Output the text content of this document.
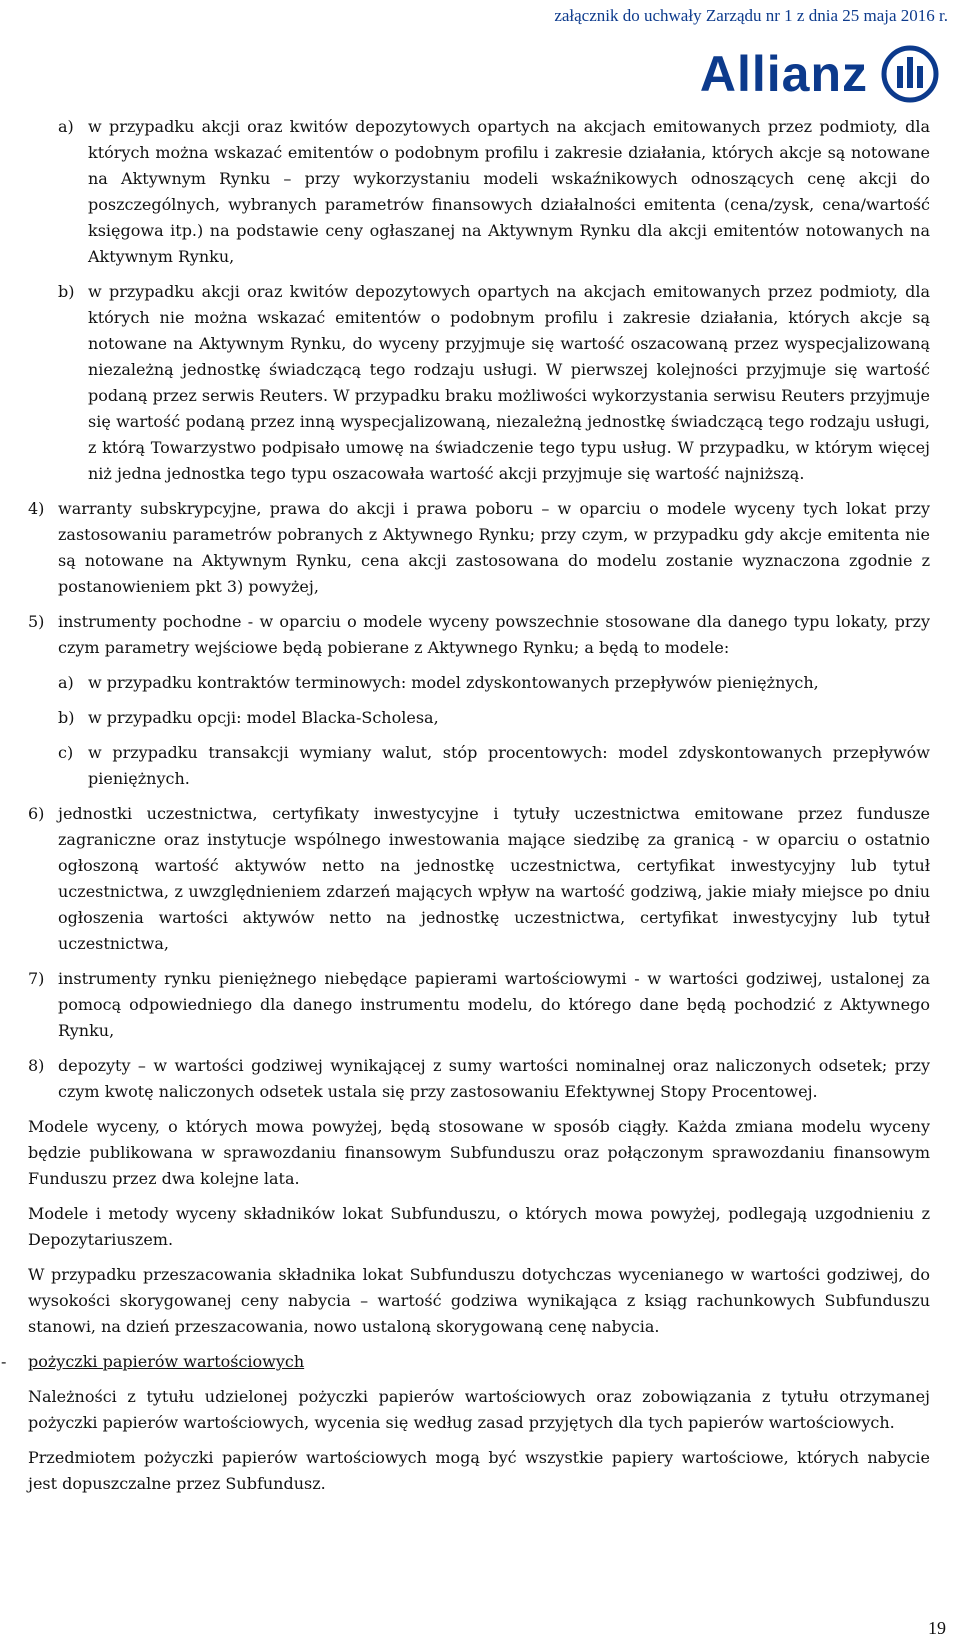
załącznik do uchwały Zarządu nr 1 z dnia 25 maja 2016 r.
Allianz
a) w przypadku akcji oraz kwitów depozytowych opartych na akcjach emitowanych przez podmioty, dla których można wskazać emitentów o podobnym profilu i zakresie działania, których akcje są notowane na Aktywnym Rynku – przy wykorzystaniu modeli wskaźnikowych odnoszących cenę akcji do poszczególnych, wybranych parametrów finansowych działalności emitenta (cena/zysk, cena/wartość księgowa itp.) na podstawie ceny ogłaszanej na Aktywnym Rynku dla akcji emitentów notowanych na Aktywnym Rynku,
b) w przypadku akcji oraz kwitów depozytowych opartych na akcjach emitowanych przez podmioty, dla których nie można wskazać emitentów o podobnym profilu i zakresie działania, których akcje są notowane na Aktywnym Rynku, do wyceny przyjmuje się wartość oszacowaną przez wyspecjalizowaną niezależną jednostkę świadczącą tego rodzaju usługi. W pierwszej kolejności przyjmuje się wartość podaną przez serwis Reuters. W przypadku braku możliwości wykorzystania serwisu Reuters przyjmuje się wartość podaną przez inną wyspecjalizowaną, niezależną jednostkę świadczącą tego rodzaju usługi, z którą Towarzystwo podpisało umowę na świadczenie tego typu usług. W przypadku, w którym więcej niż jedna jednostka tego typu oszacowała wartość akcji przyjmuje się wartość najniższą.
4) warranty subskrypcyjne, prawa do akcji i prawa poboru – w oparciu o modele wyceny tych lokat przy zastosowaniu parametrów pobranych z Aktywnego Rynku; przy czym, w przypadku gdy akcje emitenta nie są notowane na Aktywnym Rynku, cena akcji zastosowana do modelu zostanie wyznaczona zgodnie z postanowieniem pkt 3) powyżej,
5) instrumenty pochodne - w oparciu o modele wyceny powszechnie stosowane dla danego typu lokaty, przy czym parametry wejściowe będą pobierane z Aktywnego Rynku; a będą to modele:
a) w przypadku kontraktów terminowych: model zdyskontowanych przepływów pieniężnych,
b) w przypadku opcji: model Blacka-Scholesa,
c) w przypadku transakcji wymiany walut, stóp procentowych: model zdyskontowanych przepływów pieniężnych.
6) jednostki uczestnictwa, certyfikaty inwestycyjne i tytuły uczestnictwa emitowane przez fundusze zagraniczne oraz instytucje wspólnego inwestowania mające siedzibę za granicą - w oparciu o ostatnio ogłoszoną wartość aktywów netto na jednostkę uczestnictwa, certyfikat inwestycyjny lub tytuł uczestnictwa, z uwzględnieniem zdarzeń mających wpływ na wartość godziwą, jakie miały miejsce po dniu ogłoszenia wartości aktywów netto na jednostkę uczestnictwa, certyfikat inwestycyjny lub tytuł uczestnictwa,
7) instrumenty rynku pieniężnego niebędące papierami wartościowymi - w wartości godziwej, ustalonej za pomocą odpowiedniego dla danego instrumentu modelu, do którego dane będą pochodzić z Aktywnego Rynku,
8) depozyty – w wartości godziwej wynikającej z sumy wartości nominalnej oraz naliczonych odsetek; przy czym kwotę naliczonych odsetek ustala się przy zastosowaniu Efektywnej Stopy Procentowej.

Modele wyceny, o których mowa powyżej, będą stosowane w sposób ciągły. Każda zmiana modelu wyceny będzie publikowana w sprawozdaniu finansowym Subfunduszu oraz połączonym sprawozdaniu finansowym Funduszu przez dwa kolejne lata.

Modele i metody wyceny składników lokat Subfunduszu, o których mowa powyżej, podlegają uzgodnieniu z Depozytariuszem.

W przypadku przeszacowania składnika lokat Subfunduszu dotychczas wycenianego w wartości godziwej, do wysokości skorygowanej ceny nabycia – wartość godziwa wynikająca z ksiąg rachunkowych Subfunduszu stanowi, na dzień przeszacowania, nowo ustaloną skorygowaną cenę nabycia.

-	pożyczki papierów wartościowych

Należności z tytułu udzielonej pożyczki papierów wartościowych oraz zobowiązania z tytułu otrzymanej pożyczki papierów wartościowych, wycenia się według zasad przyjętych dla tych papierów wartościowych.

Przedmiotem pożyczki papierów wartościowych mogą być wszystkie papiery wartościowe, których nabycie jest dopuszczalne przez Subfundusz.

19
